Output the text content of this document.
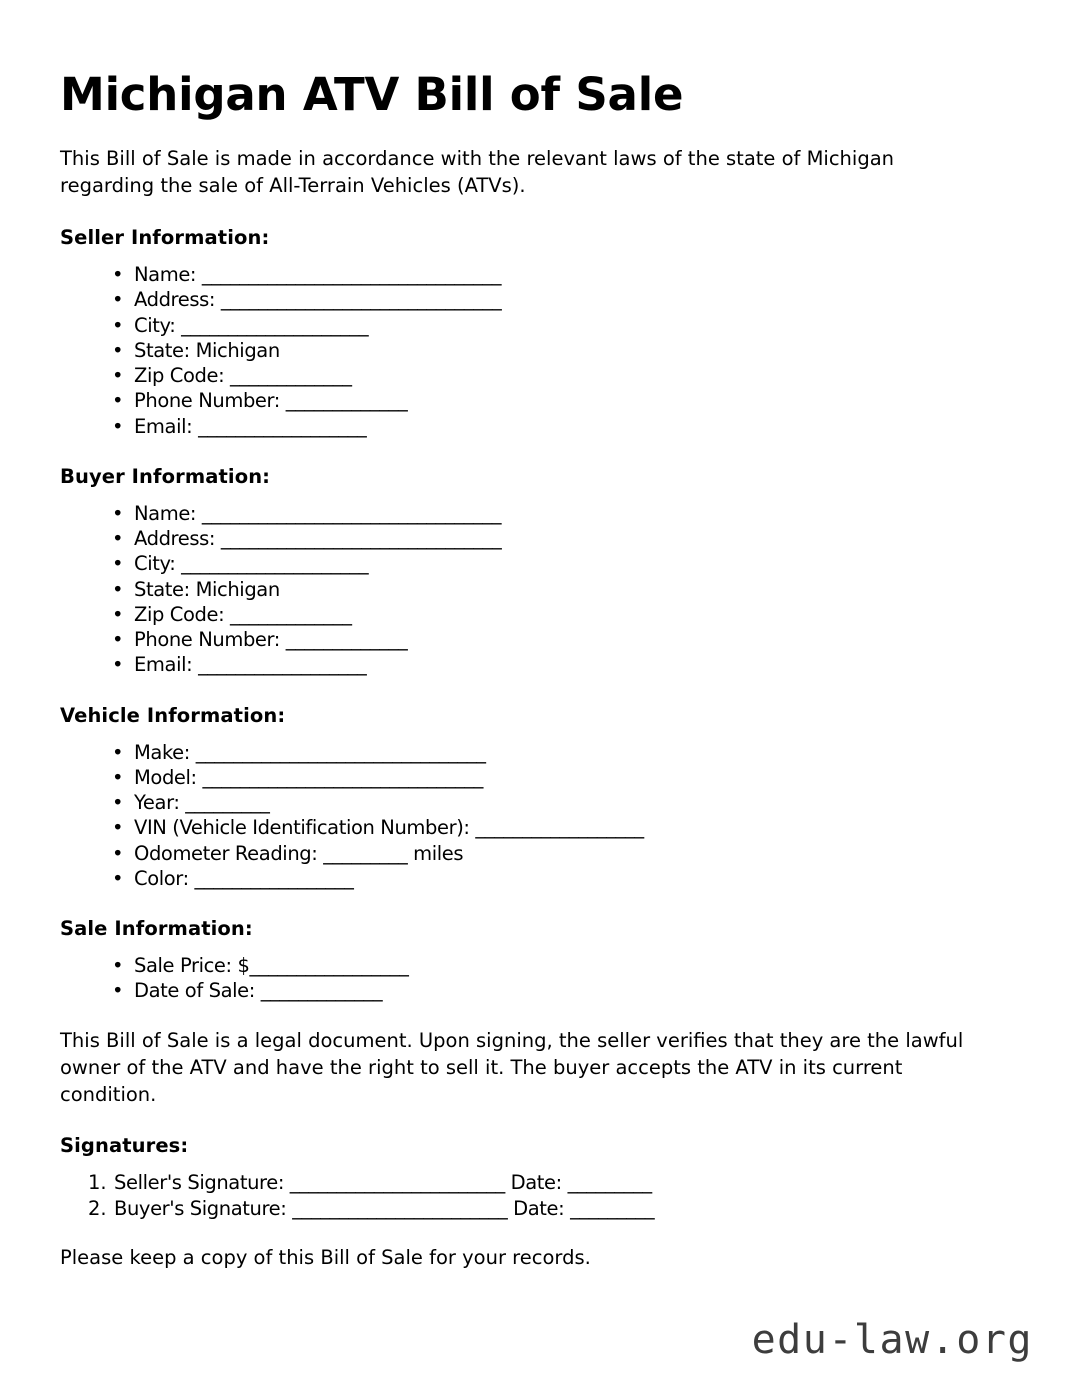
Michigan ATV Bill of Sale

This Bill of Sale is made in accordance with the relevant laws of the state of Michigan regarding the sale of All-Terrain Vehicles (ATVs).

Seller Information:
• Name: ________________________________
• Address: ______________________________
• City: ____________________
• State: Michigan
• Zip Code: _____________
• Phone Number: _____________
• Email: __________________
Buyer Information:
• Name: ________________________________
• Address: ______________________________
• City: ____________________
• State: Michigan
• Zip Code: _____________
• Phone Number: _____________
• Email: __________________
Vehicle Information:
• Make: _______________________________
• Model: ______________________________
• Year: _________
• VIN (Vehicle Identification Number): __________________
• Odometer Reading: _________ miles
• Color: _________________
Sale Information:
• Sale Price: $_________________
• Date of Sale: _____________

This Bill of Sale is a legal document. Upon signing, the seller verifies that they are the lawful owner of the ATV and have the right to sell it. The buyer accepts the ATV in its current condition.

Signatures:
Seller's Signature: _______________________ Date: _________
Buyer's Signature: _______________________ Date: _________

Please keep a copy of this Bill of Sale for your records.

edu-law.org
